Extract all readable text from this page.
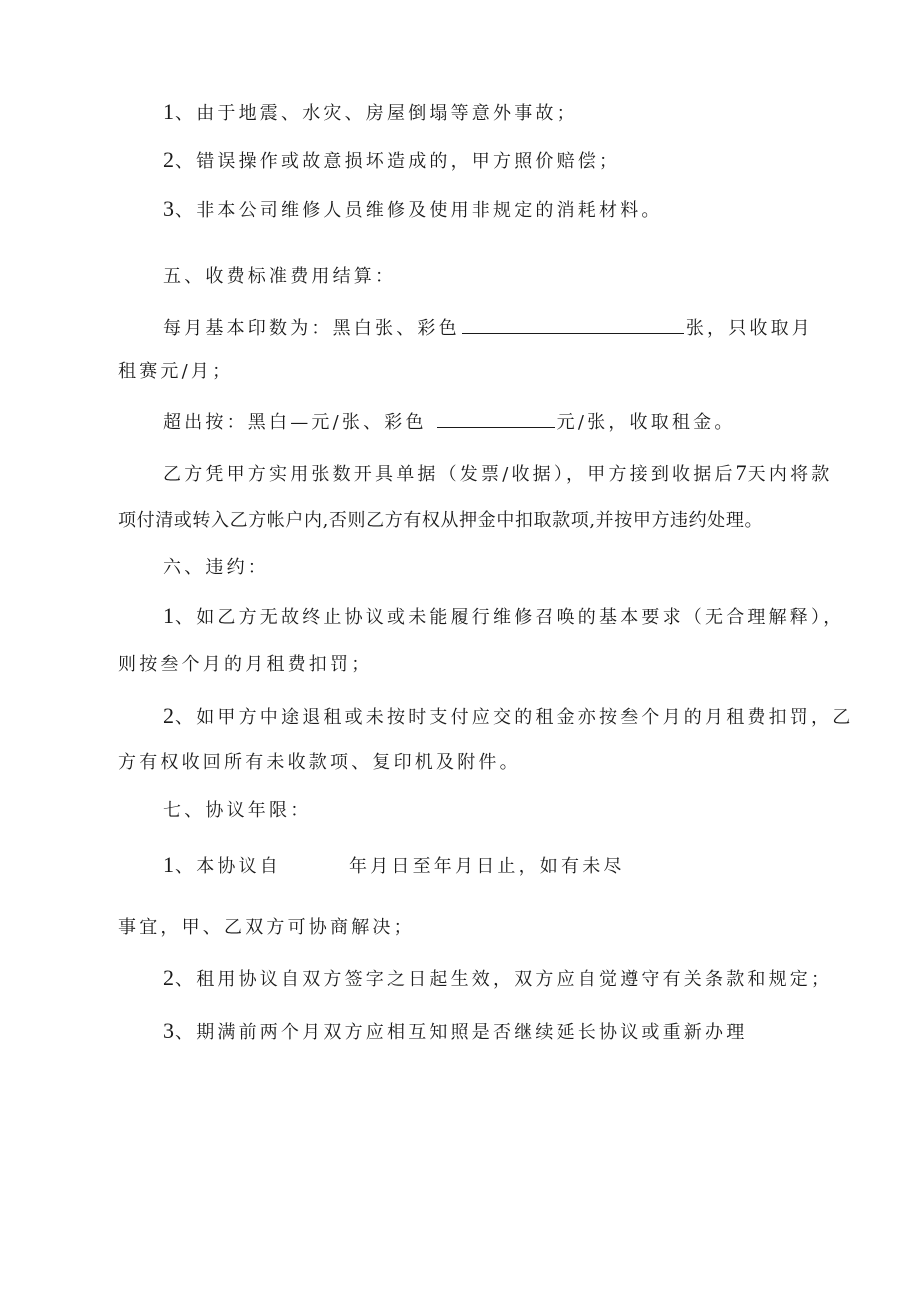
1、由于地震、水灾、房屋倒塌等意外事故；
2、错误操作或故意损坏造成的，甲方照价赔偿；
3、非本公司维修人员维修及使用非规定的消耗材料。
五、收费标准费用结算：
每月基本印数为：黑白张、彩色	张，只收取月
租赛元/月；
超出按：黑白—元/张、彩色	元/张，收取租金。
乙方凭甲方实用张数开具单据（发票/收据），甲方接到收据后7天内将款
项付清或转入乙方帐户内,否则乙方有权从押金中扣取款项,并按甲方违约处理。
六、违约：
1、如乙方无故终止协议或未能履行维修召唤的基本要求（无合理解释），
则按叁个月的月租费扣罚；
2、如甲方中途退租或未按时支付应交的租金亦按叁个月的月租费扣罚，乙
方有权收回所有未收款项、复印机及附件。
七、协议年限：
1、本协议自	年月日至年月日止，如有未尽
事宜，甲、乙双方可协商解决；
2、租用协议自双方签字之日起生效，双方应自觉遵守有关条款和规定；
3、期满前两个月双方应相互知照是否继续延长协议或重新办理
